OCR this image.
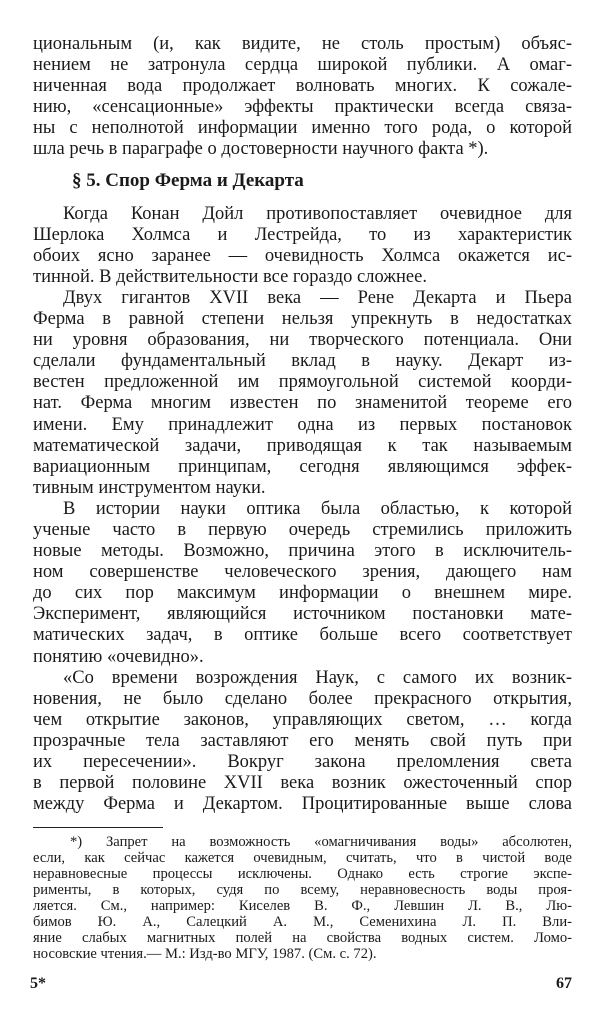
циональным (и, как видите, не столь простым) объяс-
нением не затронула сердца широкой публики. А омаг-
ниченная вода продолжает волновать многих. К сожале-
нию, «сенсационные» эффекты практически всегда связа-
ны с неполнотой информации именно того рода, о которой
шла речь в параграфе о достоверности научного факта *).
§ 5. Спор Ферма и Декарта
Когда Конан Дойл противопоставляет очевидное для
Шерлока Холмса и Лестрейда, то из характеристик
обоих ясно заранее — очевидность Холмса окажется ис-
тинной. В действительности все гораздо сложнее.
Двух гигантов XVII века — Рене Декарта и Пьера
Ферма в равной степени нельзя упрекнуть в недостатках
ни уровня образования, ни творческого потенциала. Они
сделали фундаментальный вклад в науку. Декарт из-
вестен предложенной им прямоугольной системой коорди-
нат. Ферма многим известен по знаменитой теореме его
имени. Ему принадлежит одна из первых постановок
математической задачи, приводящая к так называемым
вариационным принципам, сегодня являющимся эффек-
тивным инструментом науки.
В истории науки оптика была областью, к которой
ученые часто в первую очередь стремились приложить
новые методы. Возможно, причина этого в исключитель-
ном совершенстве человеческого зрения, дающего нам
до сих пор максимум информации о внешнем мире.
Эксперимент, являющийся источником постановки мате-
матических задач, в оптике больше всего соответствует
понятию «очевидно».
«Со времени возрождения Наук, с самого их возник-
новения, не было сделано более прекрасного открытия,
чем открытие законов, управляющих светом, … когда
прозрачные тела заставляют его менять свой путь при
их пересечении». Вокруг закона преломления света
в первой половине XVII века возник ожесточенный спор
между Ферма и Декартом. Процитированные выше слова
*) Запрет на возможность «омагничивания воды» абсолютен,
если, как сейчас кажется очевидным, считать, что в чистой воде
неравновесные процессы исключены. Однако есть строгие экспе-
рименты, в которых, судя по всему, неравновесность воды проя-
ляется. См., например: Киселев В. Ф., Левшин Л. В., Лю-
бимов Ю. А., Салецкий А. М., Семенихина Л. П. Вли-
яние слабых магнитных полей на свойства водных систем. Ломо-
носовские чтения.— М.: Изд-во МГУ, 1987. (См. с. 72).
5*	67
